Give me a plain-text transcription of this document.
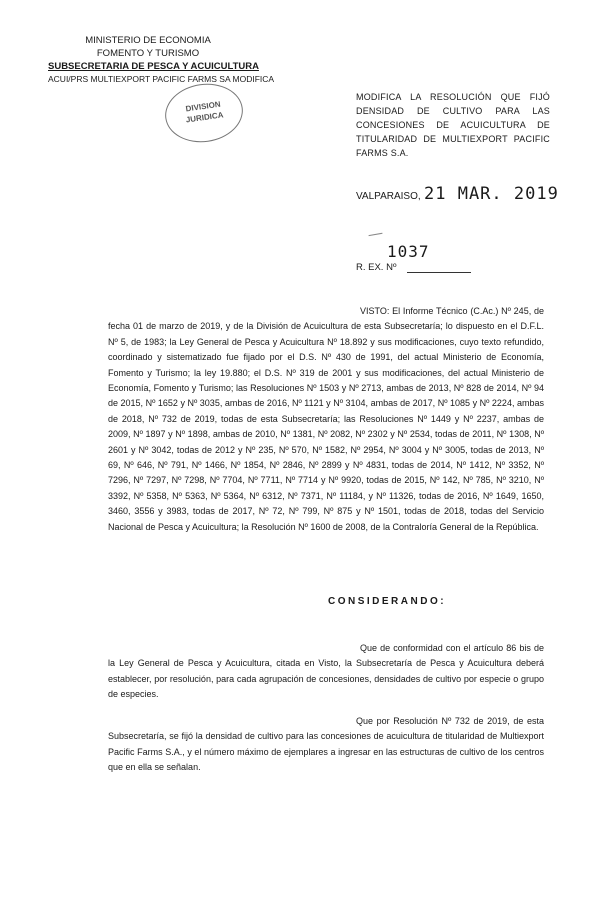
MINISTERIO DE ECONOMIA
FOMENTO Y TURISMO
SUBSECRETARIA DE PESCA Y ACUICULTURA
ACUI/PRS MULTIEXPORT PACIFIC FARMS SA MODIFICA
DIVISION
JURIDICA
MODIFICA LA RESOLUCIÓN QUE FIJÓ DENSIDAD DE CULTIVO PARA LAS CONCESIONES DE ACUICULTURA DE TITULARIDAD DE MULTIEXPORT PACIFIC FARMS S.A.
VALPARAISO, 21 MAR. 2019
1037
R. EX. Nº
VISTO: El Informe Técnico (C.Ac.) Nº 245, de fecha 01 de marzo de 2019, y de la División de Acuicultura de esta Subsecretaría; lo dispuesto en el D.F.L. Nº 5, de 1983; la Ley General de Pesca y Acuicultura Nº 18.892 y sus modificaciones, cuyo texto refundido, coordinado y sistematizado fue fijado por el D.S. Nº 430 de 1991, del actual Ministerio de Economía, Fomento y Turismo; la ley 19.880; el D.S. Nº 319 de 2001 y sus modificaciones, del actual Ministerio de Economía, Fomento y Turismo; las Resoluciones Nº 1503 y Nº 2713, ambas de 2013, Nº 828 de 2014, Nº 94 de 2015, Nº 1652 y Nº 3035, ambas de 2016, Nº 1121 y Nº 3104, ambas de 2017, Nº 1085 y Nº 2224, ambas de 2018, Nº 732 de 2019, todas de esta Subsecretaría; las Resoluciones Nº 1449 y Nº 2237, ambas de 2009, Nº 1897 y Nº 1898, ambas de 2010, Nº 1381, Nº 2082, Nº 2302 y Nº 2534, todas de 2011, Nº 1308, Nº 2601 y Nº 3042, todas de 2012 y Nº 235, Nº 570, Nº 1582, Nº 2954, Nº 3004 y Nº 3005, todas de 2013, Nº 69, Nº 646, Nº 791, Nº 1466, Nº 1854, Nº 2846, Nº 2899 y Nº 4831, todas de 2014, Nº 1412, Nº 3352, Nº 7296, Nº 7297, Nº 7298, Nº 7704, Nº 7711, Nº 7714 y Nº 9920, todas de 2015, Nº 142, Nº 785, Nº 3210, Nº 3392, Nº 5358, Nº 5363, Nº 5364, Nº 6312, Nº 7371, Nº 11184, y Nº 11326, todas de 2016, Nº 1649, 1650, 3460, 3556 y 3983, todas de 2017, Nº 72, Nº 799, Nº 875 y Nº 1501, todas de 2018, todas del Servicio Nacional de Pesca y Acuicultura; la Resolución Nº 1600 de 2008, de la Contraloría General de la República.
CONSIDERANDO:
Que de conformidad con el artículo 86 bis de la Ley General de Pesca y Acuicultura, citada en Visto, la Subsecretaría de Pesca y Acuicultura deberá establecer, por resolución, para cada agrupación de concesiones, densidades de cultivo por especie o grupo de especies.
Que por Resolución Nº 732 de 2019, de esta Subsecretaría, se fijó la densidad de cultivo para las concesiones de acuicultura de titularidad de Multiexport Pacific Farms S.A., y el número máximo de ejemplares a ingresar en las estructuras de cultivo de los centros que en ella se señalan.
